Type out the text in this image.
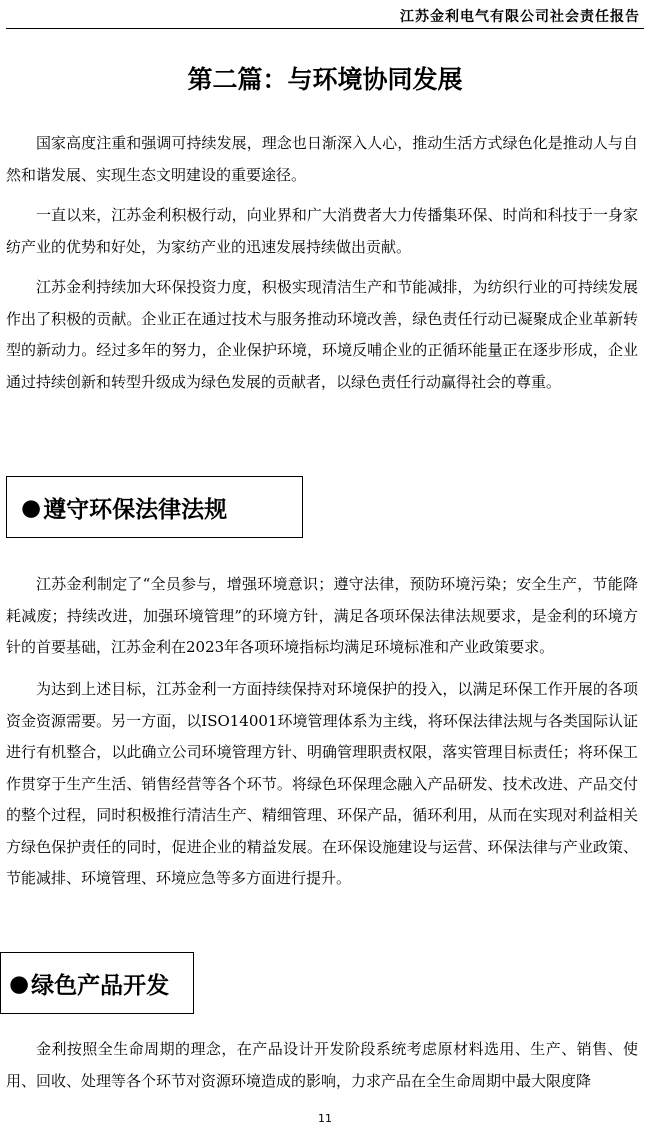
江苏金利电气有限公司社会责任报告
第二篇：与环境协同发展

国家高度注重和强调可持续发展，理念也日渐深入人心，推动生活方式绿色化是推动人与自然和谐发展、实现生态文明建设的重要途径。

一直以来，江苏金利积极行动，向业界和广大消费者大力传播集环保、时尚和科技于一身家纺产业的优势和好处，为家纺产业的迅速发展持续做出贡献。

江苏金利持续加大环保投资力度，积极实现清洁生产和节能减排，为纺织行业的可持续发展作出了积极的贡献。企业正在通过技术与服务推动环境改善，绿色责任行动已凝聚成企业革新转型的新动力。经过多年的努力，企业保护环境，环境反哺企业的正循环能量正在逐步形成，企业通过持续创新和转型升级成为绿色发展的贡献者，以绿色责任行动赢得社会的尊重。

● 遵守环保法律法规

江苏金利制定了“全员参与，增强环境意识；遵守法律，预防环境污染；安全生产，节能降耗减废；持续改进，加强环境管理”的环境方针，满足各项环保法律法规要求，是金利的环境方针的首要基础，江苏金利在2023年各项环境指标均满足环境标准和产业政策要求。

为达到上述目标，江苏金利一方面持续保持对环境保护的投入，以满足环保工作开展的各项资金资源需要。另一方面，以ISO14001环境管理体系为主线，将环保法律法规与各类国际认证进行有机整合，以此确立公司环境管理方针、明确管理职责权限，落实管理目标责任；将环保工作贯穿于生产生活、销售经营等各个环节。将绿色环保理念融入产品研发、技术改进、产品交付的整个过程，同时积极推行清洁生产、精细管理、环保产品，循环利用，从而在实现对利益相关方绿色保护责任的同时，促进企业的精益发展。在环保设施建设与运营、环保法律与产业政策、节能减排、环境管理、环境应急等多方面进行提升。

● 绿色产品开发

金利按照全生命周期的理念，在产品设计开发阶段系统考虑原材料选用、生产、销售、使用、回收、处理等各个环节对资源环境造成的影响，力求产品在全生命周期中最大限度降

11
